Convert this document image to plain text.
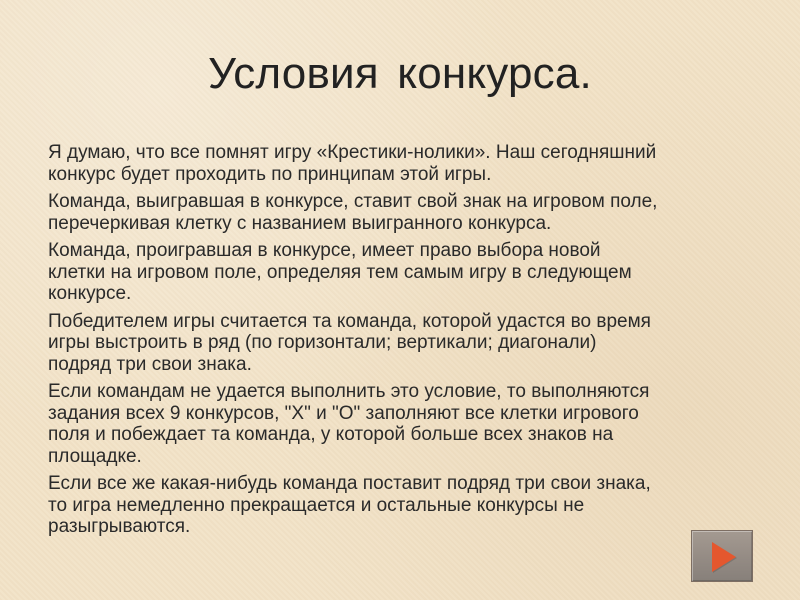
Условия конкурса.

Я думаю, что все помнят игру «Крестики-нолики». Наш сегодняшний
конкурс будет проходить по принципам этой игры.

Команда, выигравшая в конкурсе, ставит свой знак на игровом поле,
перечеркивая клетку с названием выигранного конкурса.

Команда, проигравшая в конкурсе, имеет право выбора новой
клетки на игровом поле, определяя тем самым игру в следующем
конкурсе.

Победителем игры считается та команда, которой удастся во время
игры выстроить в ряд (по горизонтали; вертикали; диагонали)
подряд три свои знака.

Если командам не удается выполнить это условие, то выполняются
задания всех 9 конкурсов, "X" и "О" заполняют все клетки игрового
поля и побеждает та команда, у которой больше всех знаков на
площадке.

Если все же какая-нибудь команда поставит подряд три свои знака,
то игра немедленно прекращается и остальные конкурсы не
разыгрываются.
